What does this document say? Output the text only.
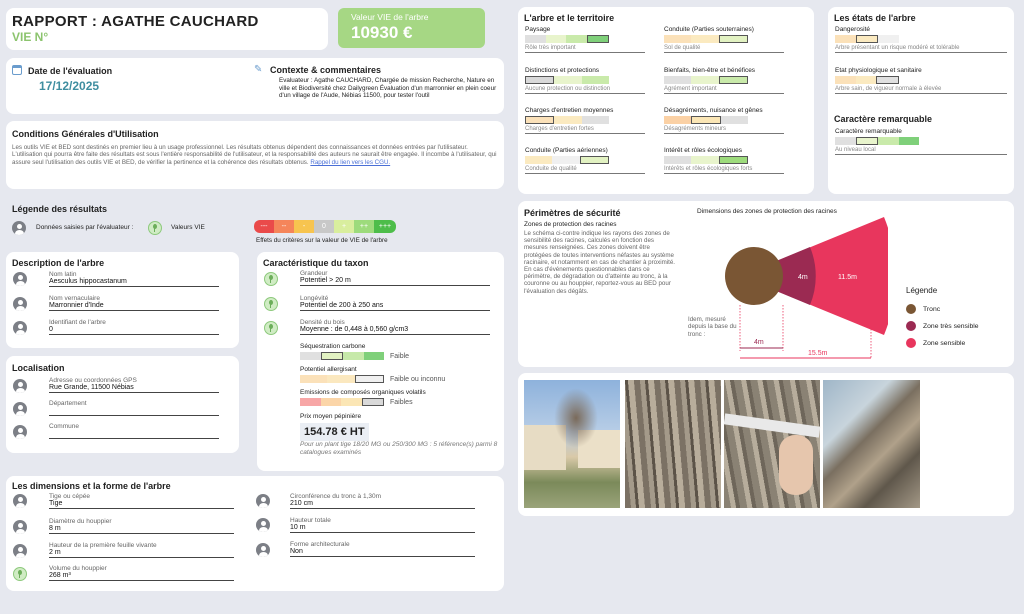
RAPPORT : AGATHE CAUCHARD
VIE N°
Valeur VIE de l'arbre
10930 €
Date de l'évaluation
17/12/2025
✎ Contexte & commentaires
Evaluateur : Agathe CAUCHARD, Chargée de mission Recherche, Nature en ville et Biodiversité chez Dailygreen Évaluation d'un marronnier en plein coeur d'un village de l'Aude, Nébias 11500, pour tester l'outil
Conditions Générales d'Utilisation
Les outils VIE et BED sont destinés en premier lieu à un usage professionnel. Les résultats obtenus dépendent des connaissances et données entrées par l'utilisateur. L'utilisation qui pourra être faite des résultats est sous l'entière responsabilité de l'utilisateur, et la responsabilité des auteurs ne saurait être engagée. Il incombe à l'utilisateur, qui assure seul l'utilisation des outils VIE et BED, de vérifier la pertinence et la cohérence des résultats obtenus. Rappel du lien vers les CGU.
Légende des résultats
Données saisies par l'évaluateur :	Valeurs VIE	---	--	-	0	+	++	+++
Effets du critères sur la valeur de VIE de l'arbre
Description de l'arbre
Nom latin
Aesculus hippocastanum
Nom vernaculaire
Marronnier d'Inde
Identifiant de l'arbre
0
Localisation
Adresse ou coordonnées GPS
Rue Grande, 11500 Nébias
Département
Commune
Caractéristique du taxon
Grandeur
Potentiel > 20 m
Longévité
Potentiel de 200 à 250 ans
Densité du bois
Moyenne : de 0,448 à 0,560 g/cm3
Séquestration carbone
Faible
Potentiel allergisant
Faible ou inconnu
Emissions de composés organiques volatils
Faibles
Prix moyen pépinière
154.78 € HT
Pour un plant tige 18/20 MG ou 250/300 MG : 5 référence(s) parmi 8 catalogues examinés
Les dimensions et la forme de l'arbre
Tige ou cépée
Tige
Diamètre du houppier
8 m
Hauteur de la première feuille vivante
2 m
Volume du houppier
268 m³
Circonférence du tronc à 1,30m
210 cm
Hauteur totale
10 m
Forme architecturale
Non
L'arbre et le territoire
Paysage
Rôle très important
Conduite (Parties souterraines)
Sol de qualité
Distinctions et protections
Aucune protection ou distinction
Bienfaits, bien-être et bénéfices
Agrément important
Charges d'entretien moyennes
Charges d'entretien fortes
Désagréments, nuisance et gênes
Désagréments mineurs
Conduite (Parties aériennes)
Conduite de qualité
Intérêt et rôles écologiques
Intérêts et rôles écologiques forts
Les états de l'arbre
Dangerosité
Arbre présentant un risque modéré et tolérable
Etat physiologique et sanitaire
Arbre sain, de vigueur normale à élevée
Caractère remarquable
Caractère remarquable
Au niveau local
Périmètres de sécurité
Zones de protection des racines
Le schéma ci-contre indique les rayons des zones de sensibilité des racines, calculés en fonction des mesures renseignées. Ces zones doivent être protégées de toutes interventions néfastes au système racinaire, et notamment en cas de chantier à proximité. En cas d'événements questionnables dans ce périmètre, de dégradation ou d'atteinte au tronc, à la couronne ou au houppier, reportez-vous au BED pour l'évaluation des dégâts.
Dimensions des zones de protection des racines
4m	11.5m
4m
15.5m
Idem, mesuré depuis la base du tronc :
Légende
Tronc
Zone très sensible
Zone sensible
